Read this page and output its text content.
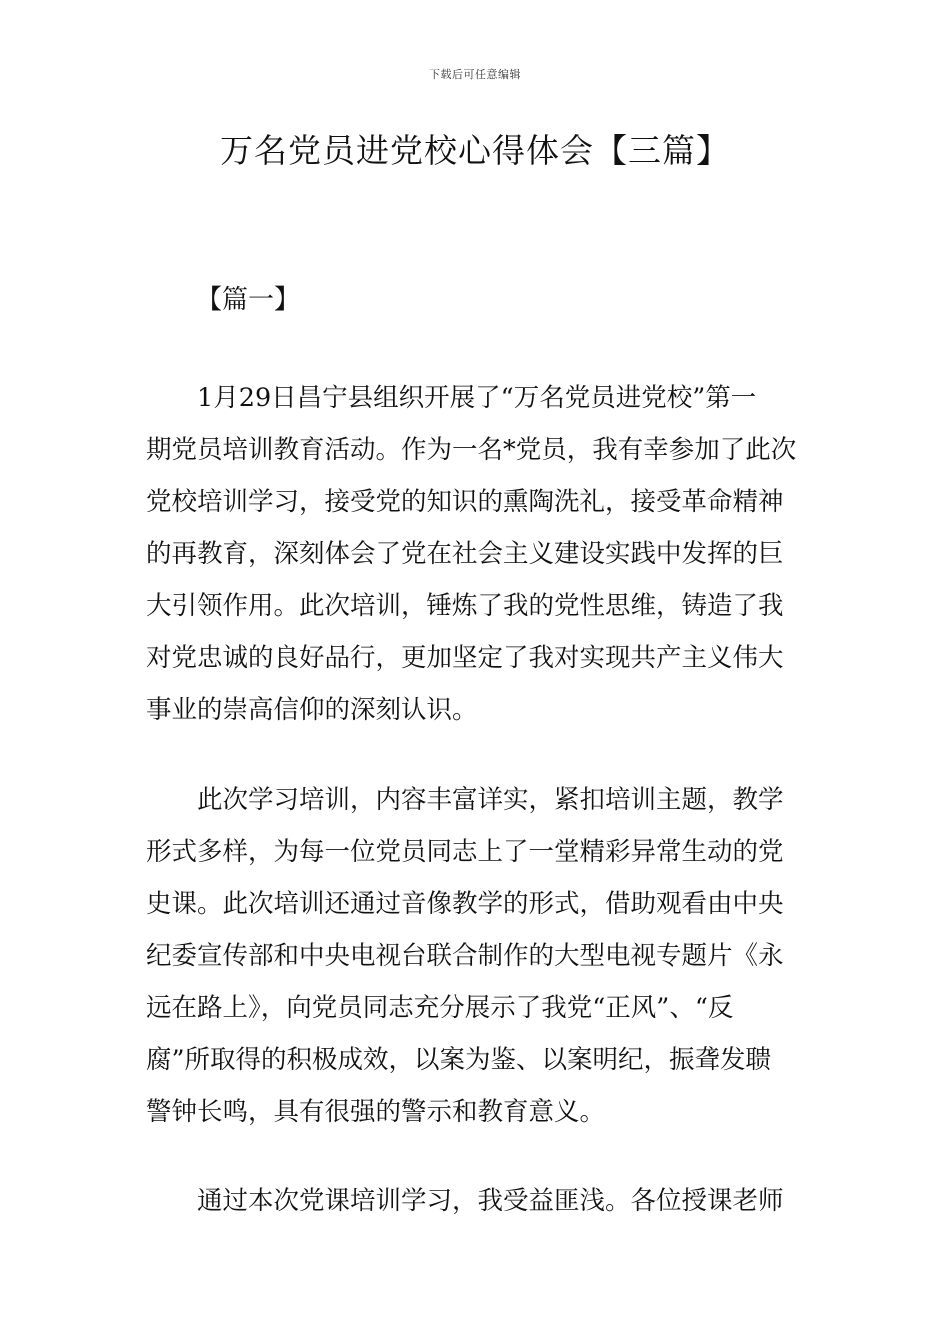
下载后可任意编辑
万名党员进党校心得体会【三篇】
【篇一】

1月29日昌宁县组织开展了“万名党员进党校”第一
期党员培训教育活动。作为一名*党员，我有幸参加了此次
党校培训学习，接受党的知识的熏陶洗礼，接受革命精神
的再教育，深刻体会了党在社会主义建设实践中发挥的巨
大引领作用。此次培训，锤炼了我的党性思维，铸造了我
对党忠诚的良好品行，更加坚定了我对实现共产主义伟大
事业的崇高信仰的深刻认识。

此次学习培训，内容丰富详实，紧扣培训主题，教学
形式多样，为每一位党员同志上了一堂精彩异常生动的党
史课。此次培训还通过音像教学的形式，借助观看由中央
纪委宣传部和中央电视台联合制作的大型电视专题片《永
远在路上》，向党员同志充分展示了我党“正风”、“反
腐”所取得的积极成效，以案为鉴、以案明纪，振聋发聩
警钟长鸣，具有很强的警示和教育意义。

通过本次党课培训学习，我受益匪浅。各位授课老师
